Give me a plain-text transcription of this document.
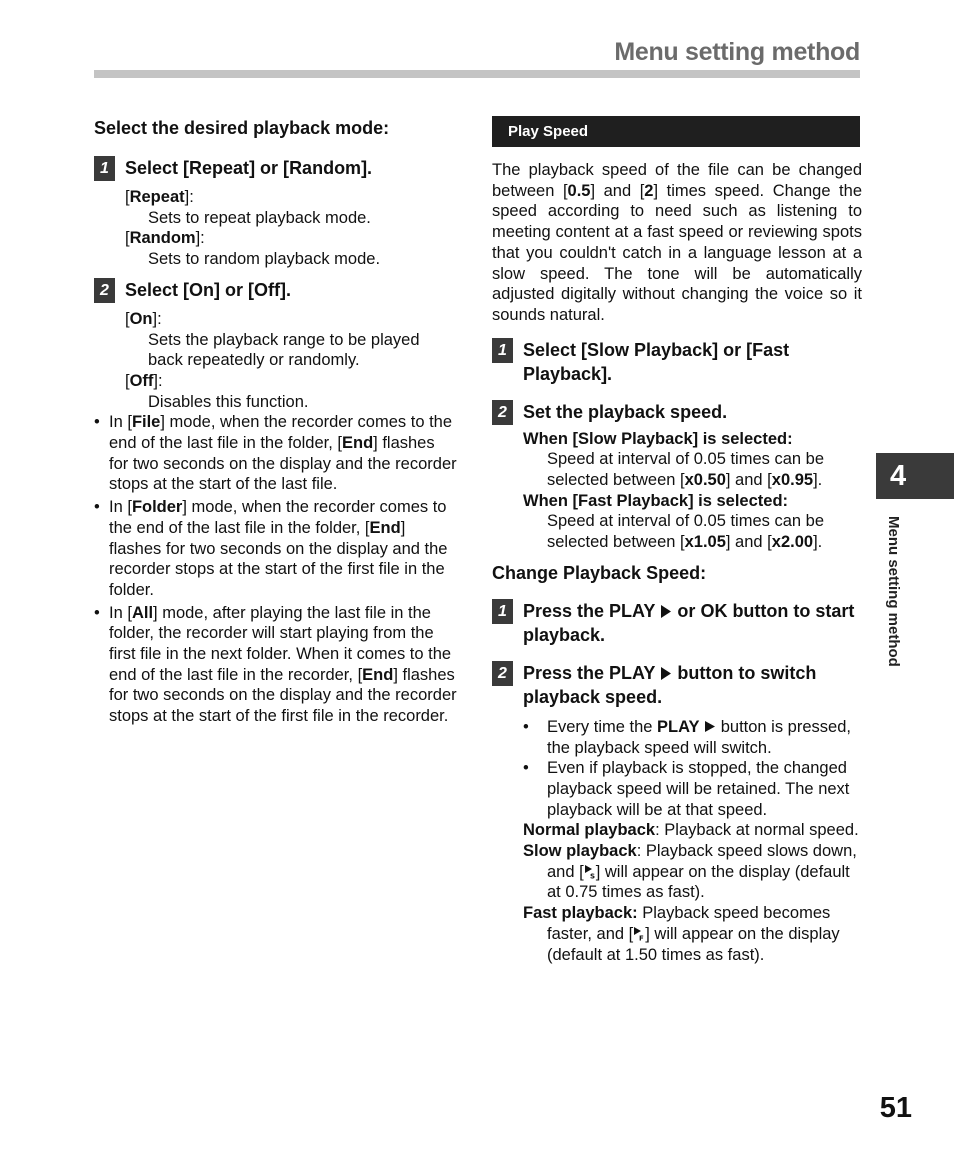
Menu setting method
Select the desired playback mode:
1 Select [Repeat] or [Random].
[Repeat]:
Sets to repeat playback mode.
[Random]:
Sets to random playback mode.
2 Select [On] or [Off].
[On]:
Sets the playback range to be played back repeatedly or randomly.
[Off]:
Disables this function.
• In [File] mode, when the recorder comes to the end of the last file in the folder, [End] flashes for two seconds on the display and the recorder stops at the start of the last file.
• In [Folder] mode, when the recorder comes to the end of the last file in the folder, [End] flashes for two seconds on the display and the recorder stops at the start of the first file in the folder.
• In [All] mode, after playing the last file in the folder, the recorder will start playing from the first file in the next folder. When it comes to the end of the last file in the recorder, [End] flashes for two seconds on the display and the recorder stops at the start of the first file in the recorder.
Play Speed
The playback speed of the file can be changed between [0.5] and [2] times speed. Change the speed according to need such as listening to meeting content at a fast speed or reviewing spots that you couldn't catch in a language lesson at a slow speed. The tone will be automatically adjusted digitally without changing the voice so it sounds natural.
1 Select [Slow Playback] or [Fast Playback].
2 Set the playback speed.
When [Slow Playback] is selected:
Speed at interval of 0.05 times can be selected between [x0.50] and [x0.95].
When [Fast Playback] is selected:
Speed at interval of 0.05 times can be selected between [x1.05] and [x2.00].
Change Playback Speed:
1 Press the PLAY  or OK button to start playback.
2 Press the PLAY  button to switch playback speed.
•	Every time the PLAY  button is pressed, the playback speed will switch.
•	Even if playback is stopped, the changed playback speed will be retained. The next playback will be at that speed.
Normal playback: Playback at normal speed.
Slow playback: Playback speed slows down, and [ S ] will appear on the display (default at 0.75 times as fast).
Fast playback: Playback speed becomes faster, and [ F ] will appear on the display (default at 1.50 times as fast).
4
Menu setting method
51
